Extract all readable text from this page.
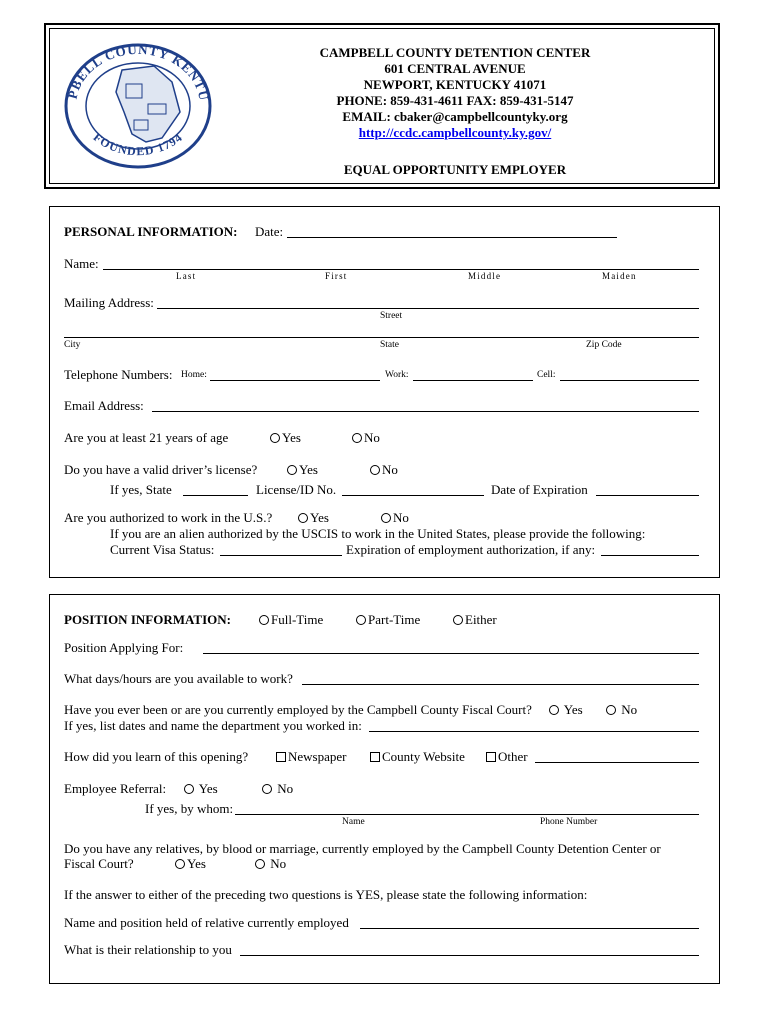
PBELL COUNTY KENTU
FOUNDED 1794
CAMPBELL COUNTY DETENTION CENTER
601 CENTRAL AVENUE
NEWPORT, KENTUCKY 41071
PHONE: 859-431-4611 FAX: 859-431-5147
EMAIL: cbaker@campbellcountyky.org
http://ccdc.campbellcounty.ky.gov/
EQUAL OPPORTUNITY EMPLOYER
PERSONAL INFORMATION: Date:
Name:
Last	First	Middle	Maiden
Mailing Address:
Street
City	State	Zip Code
Telephone Numbers: Home:	Work:	Cell:
Email Address:
Are you at least 21 years of age	Yes	No
Do you have a valid driver’s license?	Yes	No
If yes, State	License/ID No.	Date of Expiration
Are you authorized to work in the U.S.?	Yes	No
If you are an alien authorized by the USCIS to work in the United States, please provide the following:
Current Visa Status:	Expiration of employment authorization, if any:
POSITION INFORMATION:	Full-Time	Part-Time	Either
Position Applying For:
What days/hours are you available to work?
Have you ever been or are you currently employed by the Campbell County Fiscal Court?	Yes	No
If yes, list dates and name the department you worked in:
How did you learn of this opening?	Newspaper	County Website	Other
Employee Referral:	Yes	No
If yes, by whom:
Name	Phone Number
Do you have any relatives, by blood or marriage, currently employed by the Campbell County Detention Center or
Fiscal Court?	Yes	No
If the answer to either of the preceding two questions is YES, please state the following information:
Name and position held of relative currently employed
What is their relationship to you
